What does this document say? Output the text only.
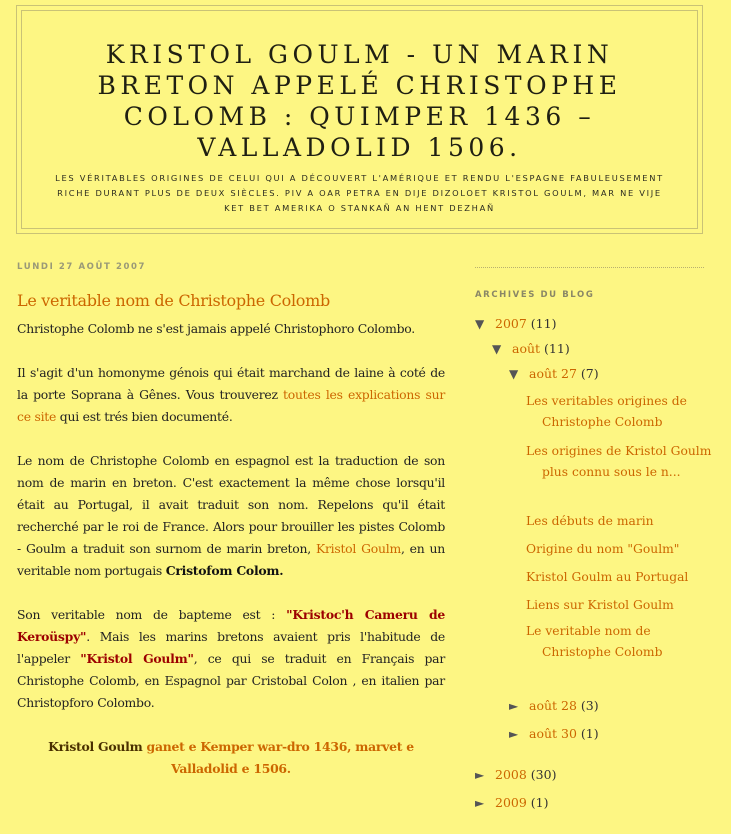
KRISTOL GOULM - UN MARIN BRETON APPELÉ CHRISTOPHE COLOMB : QUIMPER 1436 – VALLADOLID 1506.
LES VÉRITABLES ORIGINES DE CELUI QUI A DÉCOUVERT L'AMÉRIQUE ET RENDU L'ESPAGNE FABULEUSEMENT RICHE DURANT PLUS DE DEUX SIÈCLES. PIV A OAR PETRA EN DIJE DIZOLOET KRISTOL GOULM, MAR NE VIJE KET BET AMERIKA O STANKAÑ AN HENT DEZHAÑ
LUNDI 27 AOÛT 2007
Le veritable nom de Christophe Colomb

Christophe Colomb ne s'est jamais appelé Christophoro Colombo.

Il s'agit d'un homonyme génois qui était marchand de laine à coté de la porte Soprana à Gênes. Vous trouverez toutes les explications sur ce site qui est trés bien documenté.

Le nom de Christophe Colomb en espagnol est la traduction de son nom de marin en breton. C'est exactement la même chose lorsqu'il était au Portugal, il avait traduit son nom. Repelons qu'il était recherché par le roi de France. Alors pour brouiller les pistes Colomb - Goulm a traduit son surnom de marin breton, Kristol Goulm, en un veritable nom portugais Cristofom Colom.

Son veritable nom de bapteme est : "Kristoc'h Cameru de Keroüspy". Mais les marins bretons avaient pris l'habitude de l'appeler "Kristol Goulm", ce qui se traduit en Français par Christophe Colomb, en Espagnol par Cristobal Colon , en italien par Christopforo Colombo.

Kristol Goulm ganet e Kemper war-dro 1436, marvet e Valladolid e 1506.

ARCHIVES DU BLOG
▼ 2007 (11)
▼ août (11)
▼ août 27 (7)
Les veritables origines de Christophe Colomb
Les origines de Kristol Goulm plus connu sous le n...
Les débuts de marin
Origine du nom "Goulm"
Kristol Goulm au Portugal
Liens sur Kristol Goulm
Le veritable nom de Christophe Colomb
► août 28 (3)
► août 30 (1)
► 2008 (30)
► 2009 (1)
